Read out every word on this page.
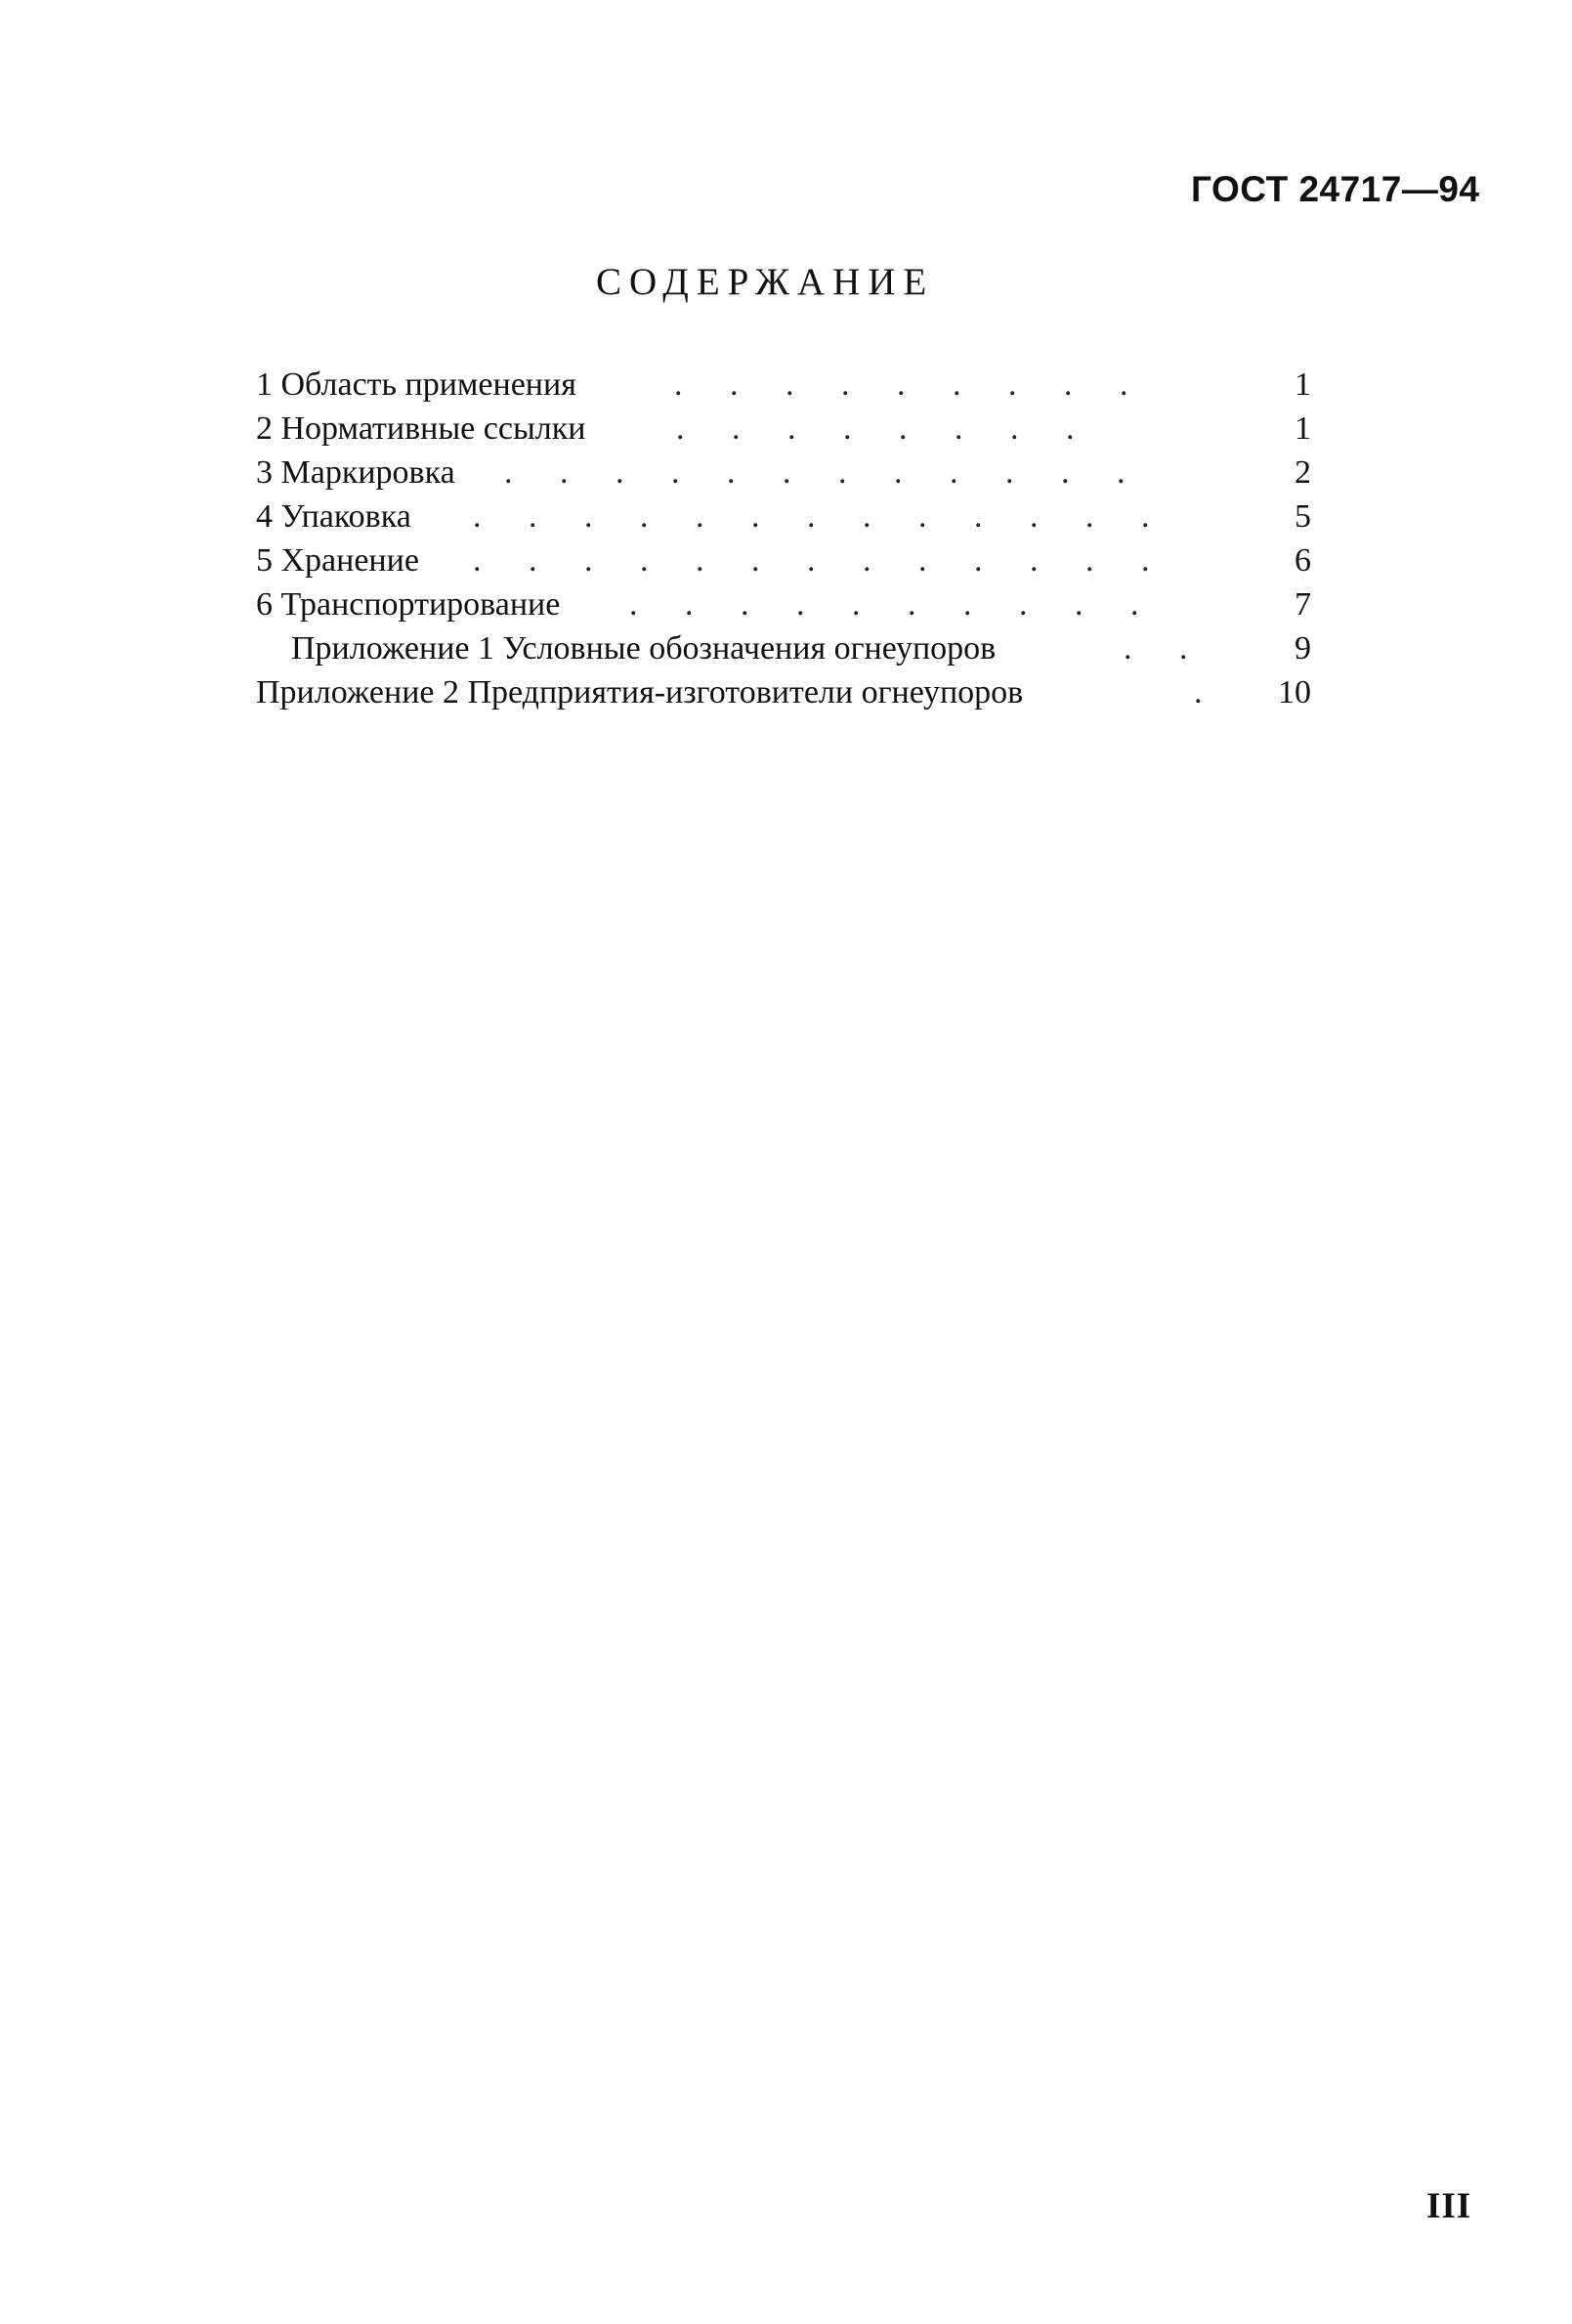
ГОСТ 24717—94
СОДЕРЖАНИЕ
1 Область применения	. . . . . . . . .	1
2 Нормативные ссылки	. . . . . . . .	1
3 Маркировка . . . . . . . . . . . .	2
4 Упаковка . . . . . . . . . . . . .	5
5 Хранение . . . . . . . . . . . . .	6
6 Транспортирование . . . . . . . . . .	7
Приложение 1 Условные обозначения огнеупоров	. .	9
Приложение 2 Предприятия-изготовители огнеупоров	.	10
III
